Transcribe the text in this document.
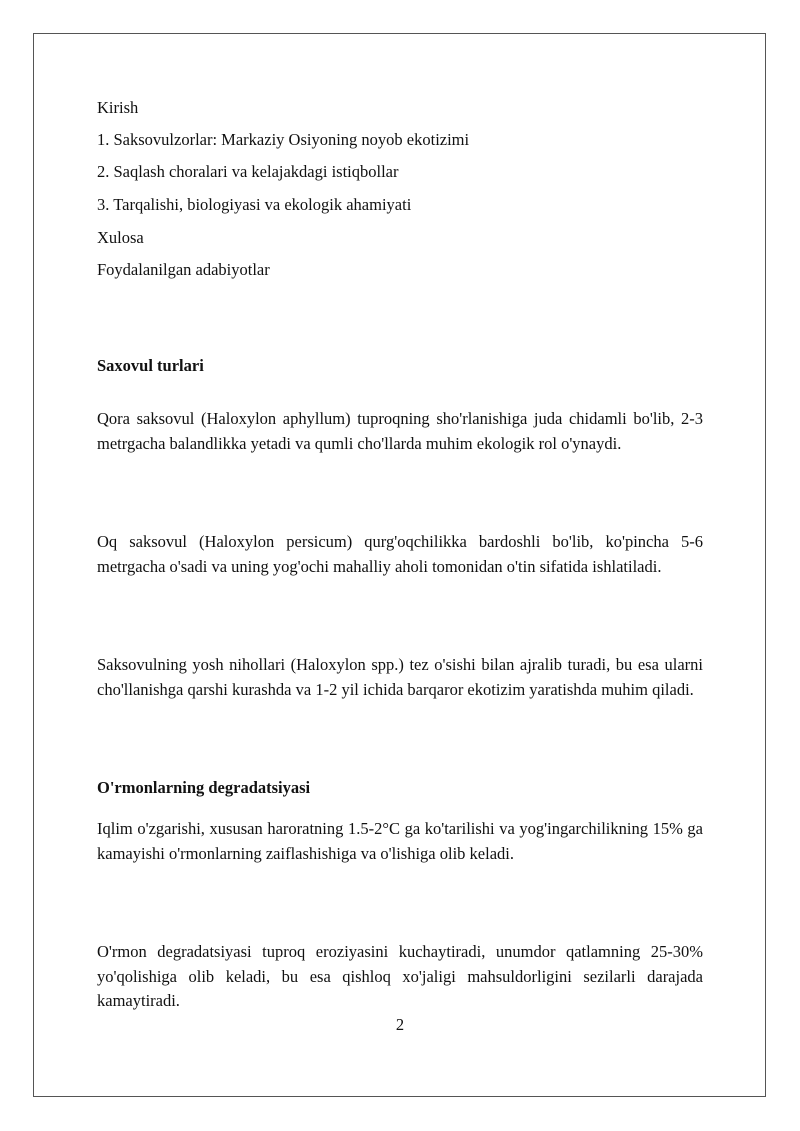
Kirish
1. Saksovulzorlar: Markaziy Osiyoning noyob ekotizimi
2. Saqlash choralari va kelajakdagi istiqbollar
3. Tarqalishi, biologiyasi va ekologik ahamiyati
Xulosa
Foydalanilgan adabiyotlar
Saxovul turlari
Qora saksovul (Haloxylon aphyllum) tuproqning sho'rlanishiga juda chidamli bo'lib, 2-3 metrgacha balandlikka yetadi va qumli cho'llarda muhim ekologik rol o'ynaydi.
Oq saksovul (Haloxylon persicum) qurg'oqchilikka bardoshli bo'lib, ko'pincha 5-6 metrgacha o'sadi va uning yog'ochi mahalliy aholi tomonidan o'tin sifatida ishlatiladi.
Saksovulning yosh nihollari (Haloxylon spp.) tez o'sishi bilan ajralib turadi, bu esa ularni cho'llanishga qarshi kurashda va 1-2 yil ichida barqaror ekotizim yaratishda muhim qiladi.
O'rmonlarning degradatsiyasi
Iqlim o'zgarishi, xususan haroratning 1.5-2°C ga ko'tarilishi va yog'ingarchilikning 15% ga kamayishi o'rmonlarning zaiflashishiga va o'lishiga olib keladi.
O'rmon degradatsiyasi tuproq eroziyasini kuchaytiradi, unumdor qatlamning 25-30% yo'qolishiga olib keladi, bu esa qishloq xo'jaligi mahsuldorligini sezilarli darajada kamaytiradi.
2
